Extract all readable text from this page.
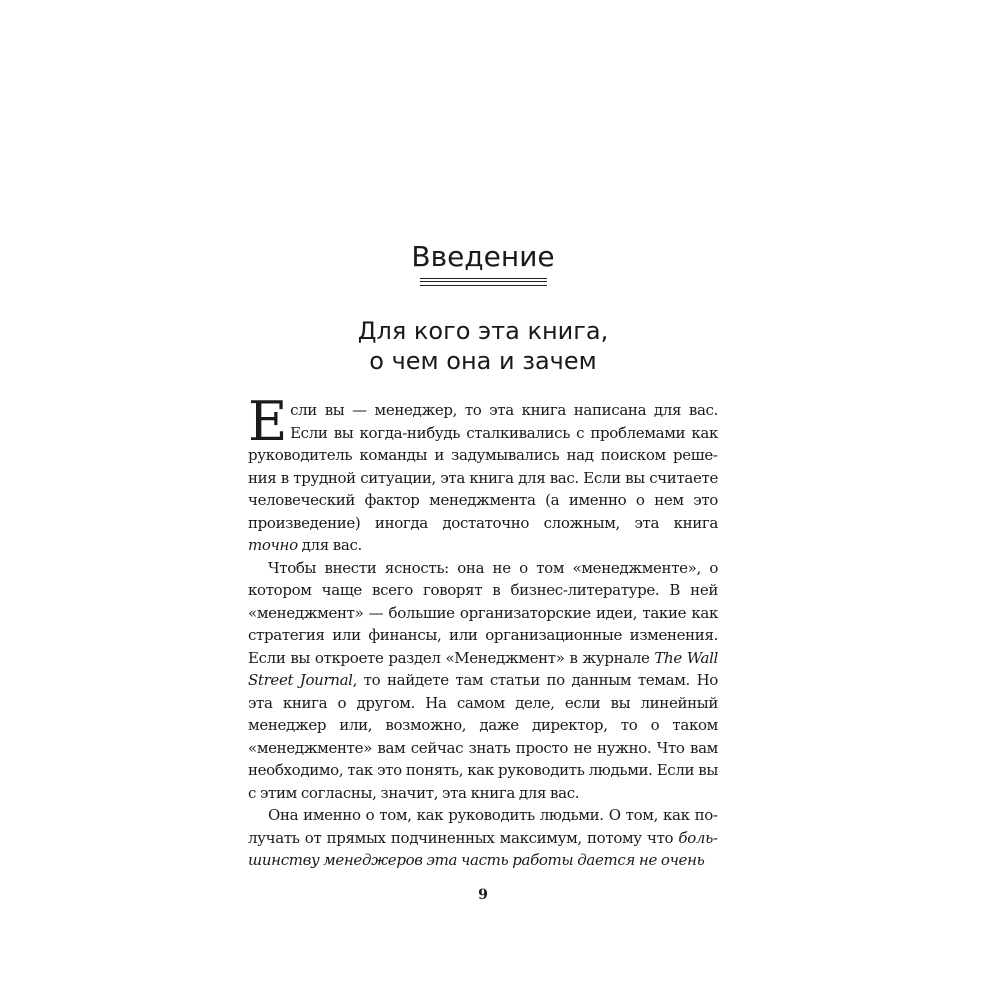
Введение
Для кого эта книга,
о чем она и зачем

Если вы — менеджер, то эта книга написана для вас. Если вы когда-нибудь сталкивались с проблемами как руководитель команды и задумывались над поиском решения в трудной ситуации, эта книга для вас. Если вы считаете человеческий фактор менеджмента (а именно о нем это произведение) иногда достаточно сложным, эта книга точно для вас.

Чтобы внести ясность: она не о том «менеджменте», о котором чаще всего говорят в бизнес-литературе. В ней «менеджмент» — большие организаторские идеи, такие как стратегия или финансы, или организационные изменения. Если вы откроете раздел «Менеджмент» в журнале The Wall Street Journal, то найдете там статьи по данным темам. Но эта книга о другом. На самом деле, если вы линейный менеджер или, возможно, даже директор, то о таком «менеджменте» вам сейчас знать просто не нужно. Что вам необходимо, так это понять, как руководить людьми. Если вы с этим согласны, значит, эта книга для вас.

Она именно о том, как руководить людьми. О том, как получать от прямых подчиненных максимум, потому что большинству менеджеров эта часть работы дается не очень

9
